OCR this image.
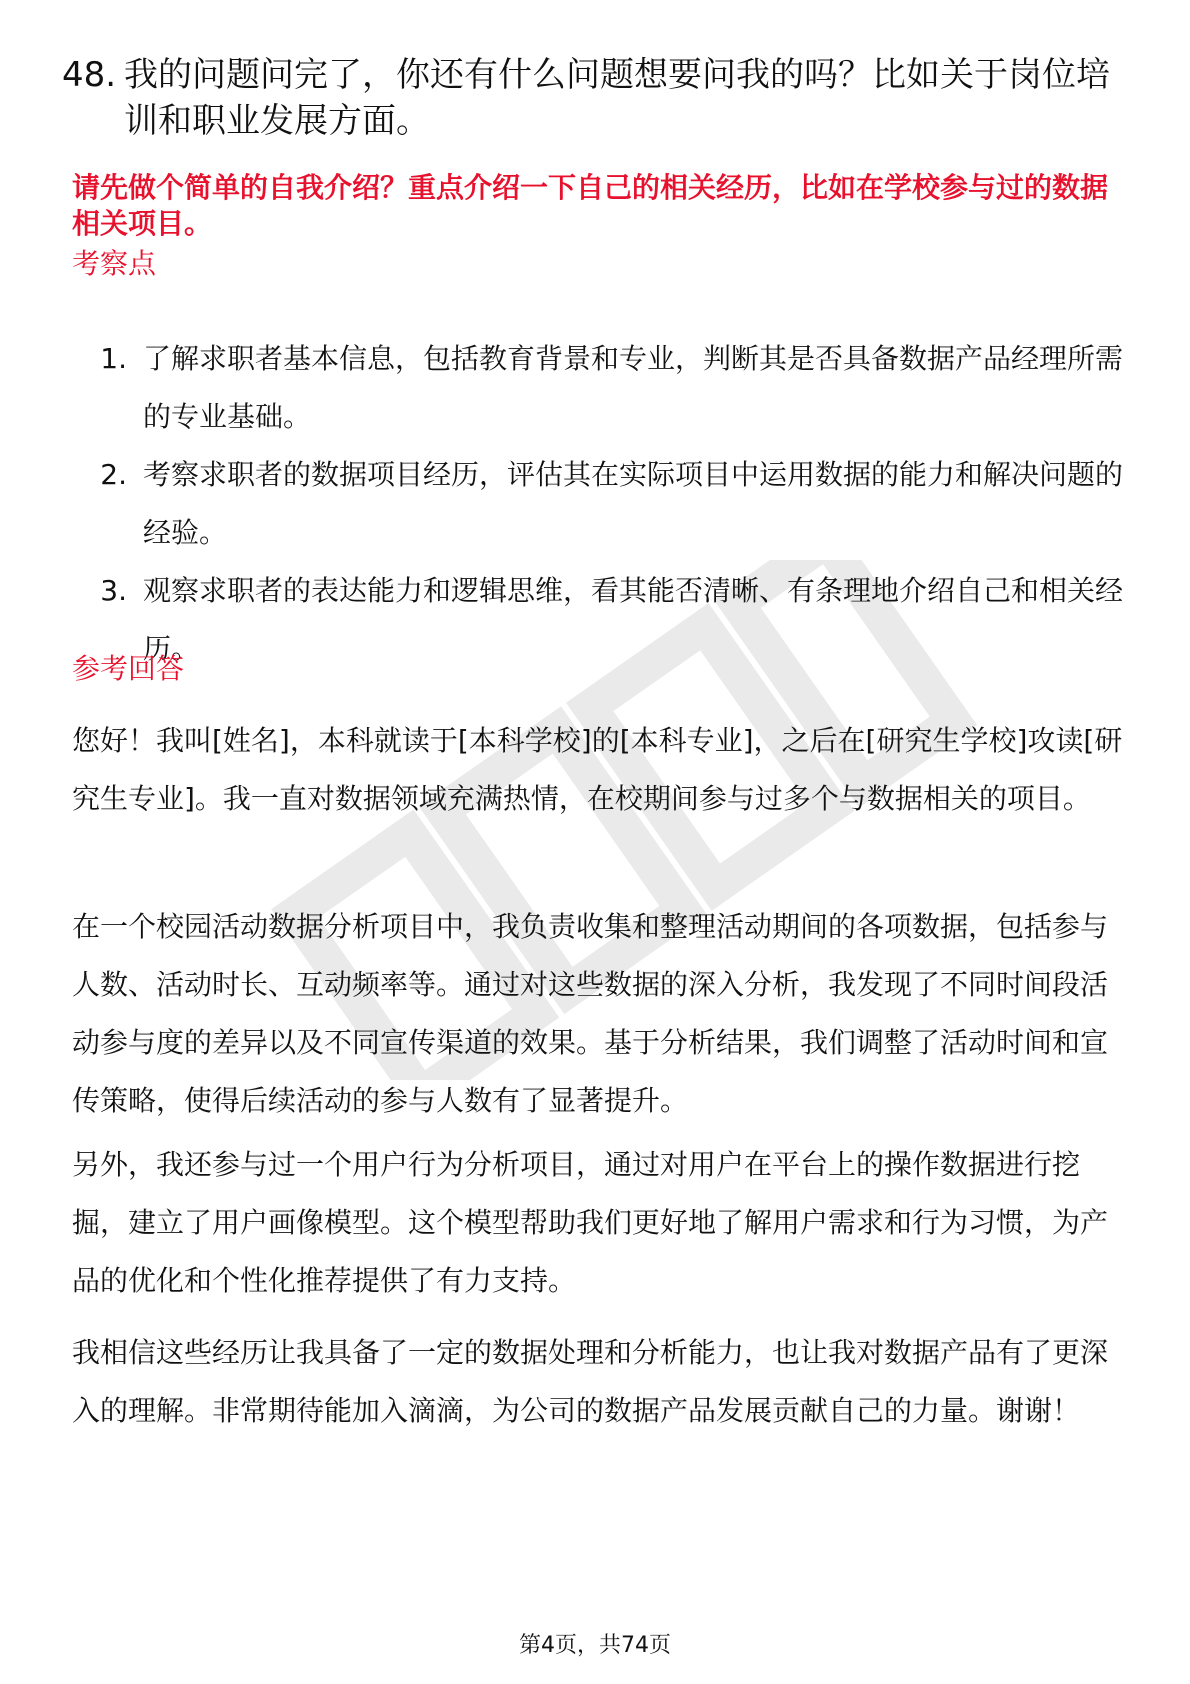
48. 我的问题问完了，你还有什么问题想要问我的吗？比如关于岗位培训和职业发展方面。
请先做个简单的自我介绍？重点介绍一下自己的相关经历，比如在学校参与过的数据相关项目。
考察点
1. 了解求职者基本信息，包括教育背景和专业，判断其是否具备数据产品经理所需的专业基础。
2. 考察求职者的数据项目经历，评估其在实际项目中运用数据的能力和解决问题的经验。
3. 观察求职者的表达能力和逻辑思维，看其能否清晰、有条理地介绍自己和相关经历。
参考回答
您好！我叫[姓名]，本科就读于[本科学校]的[本科专业]，之后在[研究生学校]攻读[研究生专业]。我一直对数据领域充满热情，在校期间参与过多个与数据相关的项目。
在一个校园活动数据分析项目中，我负责收集和整理活动期间的各项数据，包括参与人数、活动时长、互动频率等。通过对这些数据的深入分析，我发现了不同时间段活动参与度的差异以及不同宣传渠道的效果。基于分析结果，我们调整了活动时间和宣传策略，使得后续活动的参与人数有了显著提升。
另外，我还参与过一个用户行为分析项目，通过对用户在平台上的操作数据进行挖掘，建立了用户画像模型。这个模型帮助我们更好地了解用户需求和行为习惯，为产品的优化和个性化推荐提供了有力支持。
我相信这些经历让我具备了一定的数据处理和分析能力，也让我对数据产品有了更深入的理解。非常期待能加入滴滴，为公司的数据产品发展贡献自己的力量。谢谢！
第4页，共74页
